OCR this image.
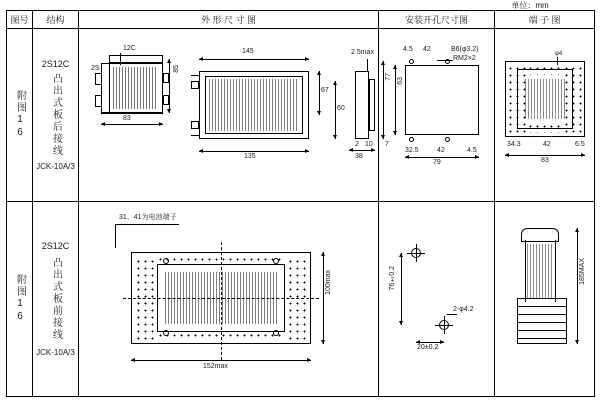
单位：mm
图号	结构	外 形 尺 寸 图	安装开孔尺寸图	端 子 图

附图16

2S12C
凸出式板后接线
JCK-10A/3

12C
2S	85
83
145
135
67
60
2.5max
2 10
38

4.5 42	B6(φ3.2)
RM2×2
77
63
7
32.5	42	4.5
79

φ4
34.3	42	6.5
83

附图16

2S12C
凸出式板前接线
JCK-10A/3

31、41为电池端子
100max
152max

76±0.2
2-φ4.2
20±0.2

185MAX
